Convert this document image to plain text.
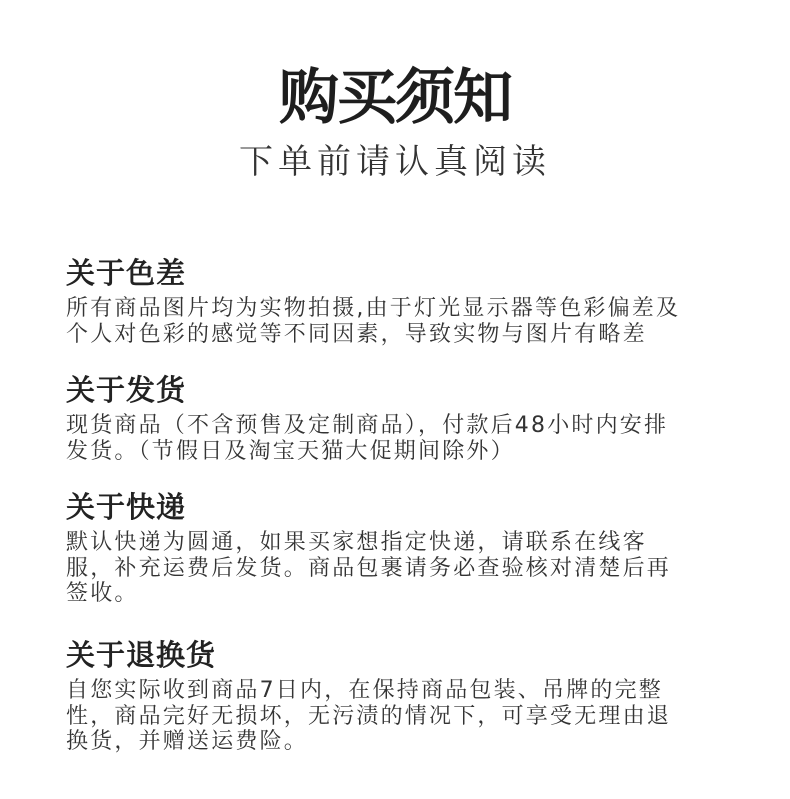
购买须知
下单前请认真阅读
关于色差

所有商品图片均为实物拍摄,由于灯光显示器等色彩偏差及
个人对色彩的感觉等不同因素，导致实物与图片有略差

关于发货

现货商品（不含预售及定制商品），付款后48小时内安排
发货。（节假日及淘宝天猫大促期间除外）

关于快递

默认快递为圆通，如果买家想指定快递，请联系在线客
服，补充运费后发货。商品包裹请务必查验核对清楚后再
签收。

关于退换货

自您实际收到商品7日内，在保持商品包装、吊牌的完整
性，商品完好无损坏，无污渍的情况下，可享受无理由退
换货，并赠送运费险。
